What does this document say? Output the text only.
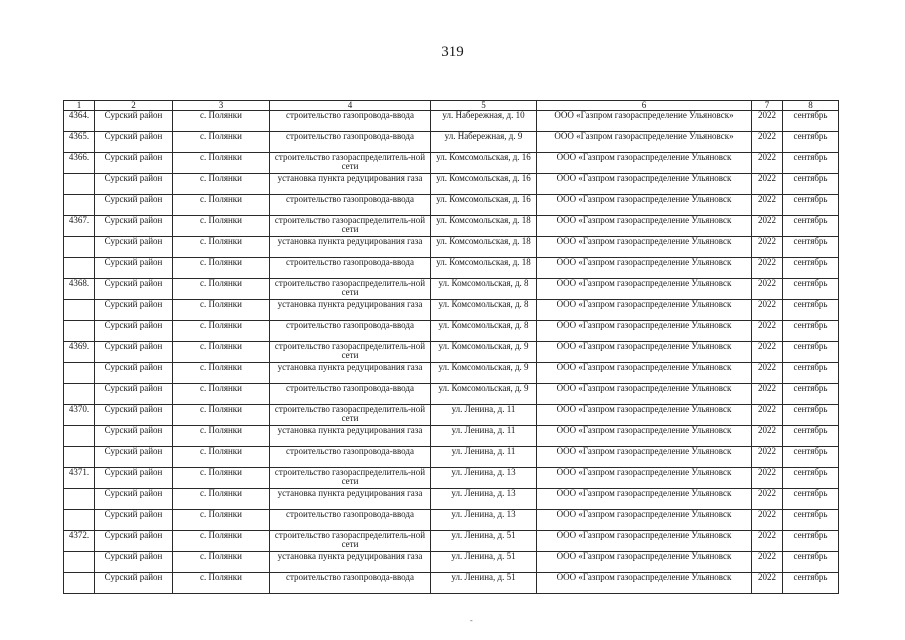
319
1	2	3	4	5	6	7	8
4364.	Сурский район	с. Полянки	строительство газопровода-ввода	ул. Набережная, д. 10	ООО «Газпром газораспределение Ульяновск»	2022	сентябрь
4365.	Сурский район	с. Полянки	строительство газопровода-ввода	ул. Набережная, д. 9	ООО «Газпром газораспределение Ульяновск»	2022	сентябрь
4366.	Сурский район	с. Полянки	строительство газораспределитель-ной сети	ул. Комсомольская, д. 16	ООО «Газпром газораспределение Ульяновск	2022	сентябрь
	Сурский район	с. Полянки	установка пункта редуцирования газа	ул. Комсомольская, д. 16	ООО «Газпром газораспределение Ульяновск	2022	сентябрь
	Сурский район	с. Полянки	строительство газопровода-ввода	ул. Комсомольская, д. 16	ООО «Газпром газораспределение Ульяновск	2022	сентябрь
4367.	Сурский район	с. Полянки	строительство газораспределитель-ной сети	ул. Комсомольская, д. 18	ООО «Газпром газораспределение Ульяновск	2022	сентябрь
	Сурский район	с. Полянки	установка пункта редуцирования газа	ул. Комсомольская, д. 18	ООО «Газпром газораспределение Ульяновск	2022	сентябрь
	Сурский район	с. Полянки	строительство газопровода-ввода	ул. Комсомольская, д. 18	ООО «Газпром газораспределение Ульяновск	2022	сентябрь
4368.	Сурский район	с. Полянки	строительство газораспределитель-ной сети	ул. Комсомольская, д. 8	ООО «Газпром газораспределение Ульяновск	2022	сентябрь
	Сурский район	с. Полянки	установка пункта редуцирования газа	ул. Комсомольская, д. 8	ООО «Газпром газораспределение Ульяновск	2022	сентябрь
	Сурский район	с. Полянки	строительство газопровода-ввода	ул. Комсомольская, д. 8	ООО «Газпром газораспределение Ульяновск	2022	сентябрь
4369.	Сурский район	с. Полянки	строительство газораспределитель-ной сети	ул. Комсомольская, д. 9	ООО «Газпром газораспределение Ульяновск	2022	сентябрь
	Сурский район	с. Полянки	установка пункта редуцирования газа	ул. Комсомольская, д. 9	ООО «Газпром газораспределение Ульяновск	2022	сентябрь
	Сурский район	с. Полянки	строительство газопровода-ввода	ул. Комсомольская, д. 9	ООО «Газпром газораспределение Ульяновск	2022	сентябрь
4370.	Сурский район	с. Полянки	строительство газораспределитель-ной сети	ул. Ленина, д. 11	ООО «Газпром газораспределение Ульяновск	2022	сентябрь
	Сурский район	с. Полянки	установка пункта редуцирования газа	ул. Ленина, д. 11	ООО «Газпром газораспределение Ульяновск	2022	сентябрь
	Сурский район	с. Полянки	строительство газопровода-ввода	ул. Ленина, д. 11	ООО «Газпром газораспределение Ульяновск	2022	сентябрь
4371.	Сурский район	с. Полянки	строительство газораспределитель-ной сети	ул. Ленина, д. 13	ООО «Газпром газораспределение Ульяновск	2022	сентябрь
	Сурский район	с. Полянки	установка пункта редуцирования газа	ул. Ленина, д. 13	ООО «Газпром газораспределение Ульяновск	2022	сентябрь
	Сурский район	с. Полянки	строительство газопровода-ввода	ул. Ленина, д. 13	ООО «Газпром газораспределение Ульяновск	2022	сентябрь
4372.	Сурский район	с. Полянки	строительство газораспределитель-ной сети	ул. Ленина, д. 51	ООО «Газпром газораспределение Ульяновск	2022	сентябрь
	Сурский район	с. Полянки	установка пункта редуцирования газа	ул. Ленина, д. 51	ООО «Газпром газораспределение Ульяновск	2022	сентябрь
	Сурский район	с. Полянки	строительство газопровода-ввода	ул. Ленина, д. 51	ООО «Газпром газораспределение Ульяновск	2022	сентябрь
-
